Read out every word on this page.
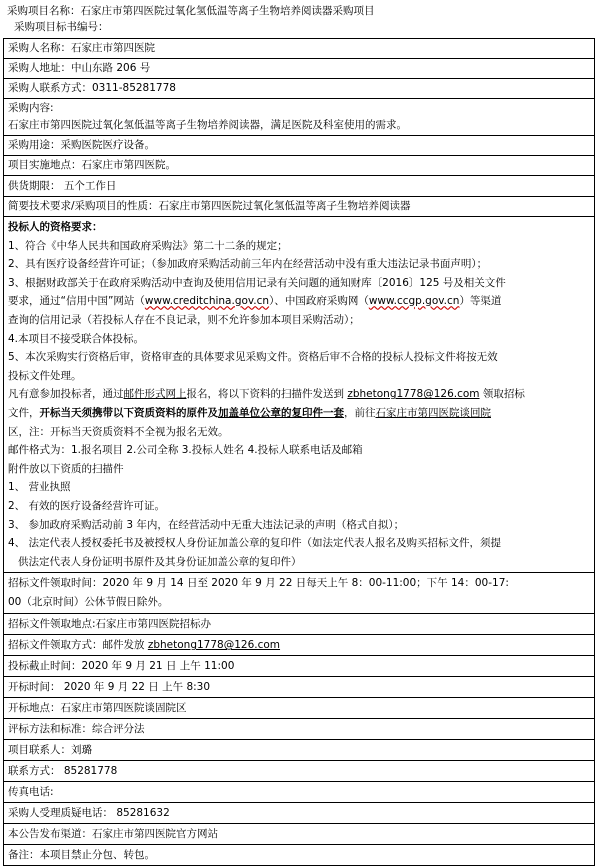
采购项目名称：石家庄市第四医院过氧化氢低温等离子生物培养阅读器采购项目
采购项目标书编号：
采购人名称：石家庄市第四医院
采购人地址：中山东路 206 号
采购人联系方式：0311-85281778
采购内容:
石家庄市第四医院过氧化氢低温等离子生物培养阅读器，满足医院及科室使用的需求。
采购用途：采购医院医疗设备。
项目实施地点：石家庄市第四医院。
供货期限： 五个工作日
简要技术要求/采购项目的性质：石家庄市第四医院过氧化氢低温等离子生物培养阅读器

投标人的资格要求：

1、符合《中华人民共和国政府采购法》第二十二条的规定；

2、具有医疗设备经营许可证；（参加政府采购活动前三年内在经营活动中没有重大违法记录书面声明）；

3、根据财政部关于在政府采购活动中查询及使用信用记录有关问题的通知财库〔2016〕125 号及相关文件

要求，通过“信用中国”网站（www.creditchina.gov.cn）、中国政府采购网（www.ccgp.gov.cn）等渠道

查询的信用记录（若投标人存在不良记录，则不允许参加本项目采购活动）；

4.本项目不接受联合体投标。

5、本次采购实行资格后审，资格审查的具体要求见采购文件。资格后审不合格的投标人投标文件将按无效

投标文件处理。

凡有意参加投标者，通过邮件形式网上报名，将以下资料的扫描件发送到 zbhetong1778@126.com 领取招标

文件，开标当天须携带以下资质资料的原件及加盖单位公章的复印件一套，前往石家庄市第四医院谈回院

区，注：开标当天资质资料不全视为报名无效。

邮件格式为：1.报名项目 2.公司全称 3.投标人姓名 4.投标人联系电话及邮箱

附件放以下资质的扫描件

1、 营业执照

2、 有效的医疗设备经营许可证。

3、 参加政府采购活动前 3 年内，在经营活动中无重大违法记录的声明（格式自拟）；

4、 法定代表人授权委托书及被授权人身份证加盖公章的复印件（如法定代表人报名及购买招标文件，须提

供法定代表人身份证明书原件及其身份证加盖公章的复印件）

招标文件领取时间：2020 年 9 月 14 日至 2020 年 9 月 22 日每天上午 8：00-11:00；下午 14：00-17:
00（北京时间）公休节假日除外。
招标文件领取地点:石家庄市第四医院招标办
招标文件领取方式：邮件发放 zbhetong1778@126.com
投标截止时间：2020 年 9 月 21 日 上午 11:00
开标时间： 2020 年 9 月 22 日 上午 8:30
开标地点：石家庄市第四医院谈固院区
评标方法和标准：综合评分法
项目联系人：刘璐
联系方式： 85281778
传真电话:
采购人受理质疑电话： 85281632
本公告发布渠道：石家庄市第四医院官方网站
备注：本项目禁止分包、转包。
